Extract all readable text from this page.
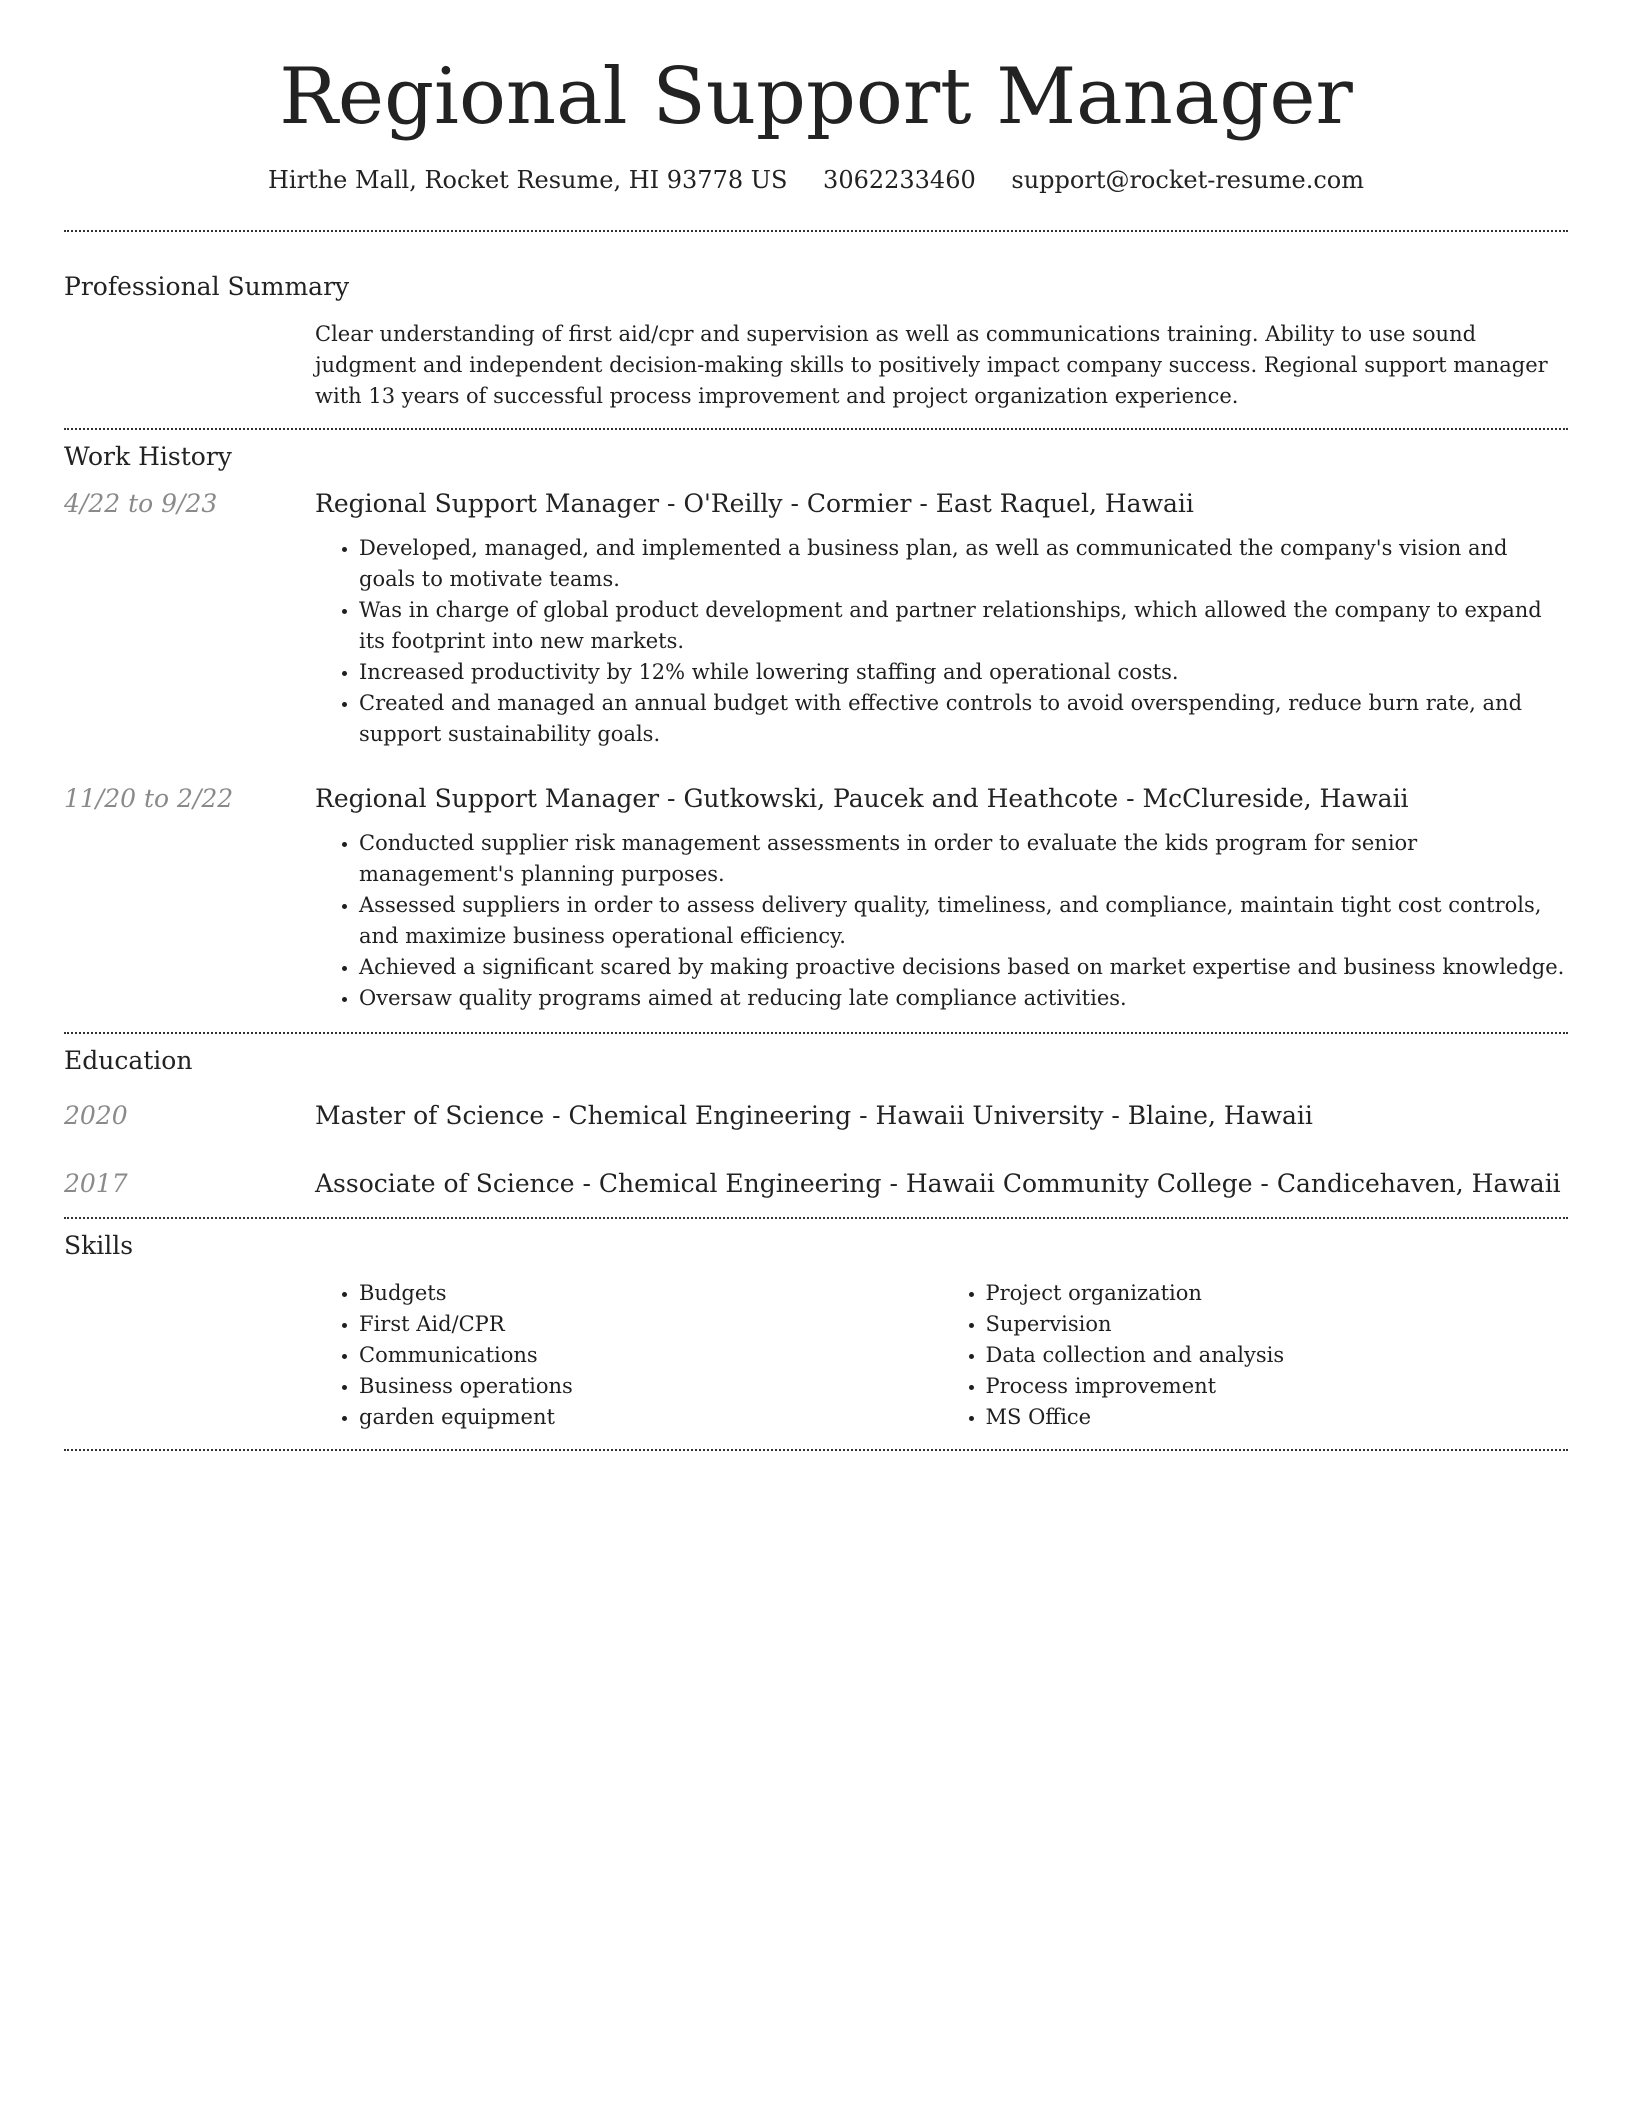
Regional Support Manager
Hirthe Mall, Rocket Resume, HI 93778 US 3062233460 support@rocket-resume.com
Professional Summary
Clear understanding of first aid/cpr and supervision as well as communications training. Ability to use sound judgment and independent decision-making skills to positively impact company success. Regional support manager with 13 years of successful process improvement and project organization experience.
Work History
4/22 to 9/23	Regional Support Manager - O'Reilly - Cormier - East Raquel, Hawaii
• Developed, managed, and implemented a business plan, as well as communicated the company's vision and goals to motivate teams.
• Was in charge of global product development and partner relationships, which allowed the company to expand its footprint into new markets.
• Increased productivity by 12% while lowering staffing and operational costs.
• Created and managed an annual budget with effective controls to avoid overspending, reduce burn rate, and support sustainability goals.
11/20 to 2/22	Regional Support Manager - Gutkowski, Paucek and Heathcote - McClureside, Hawaii
• Conducted supplier risk management assessments in order to evaluate the kids program for senior management's planning purposes.
• Assessed suppliers in order to assess delivery quality, timeliness, and compliance, maintain tight cost controls, and maximize business operational efficiency.
• Achieved a significant scared by making proactive decisions based on market expertise and business knowledge.
• Oversaw quality programs aimed at reducing late compliance activities.
Education
2020	Master of Science - Chemical Engineering - Hawaii University - Blaine, Hawaii
2017	Associate of Science - Chemical Engineering - Hawaii Community College - Candicehaven, Hawaii
Skills
• Budgets
• First Aid/CPR
• Communications
• Business operations
• garden equipment
• Project organization
• Supervision
• Data collection and analysis
• Process improvement
• MS Office
